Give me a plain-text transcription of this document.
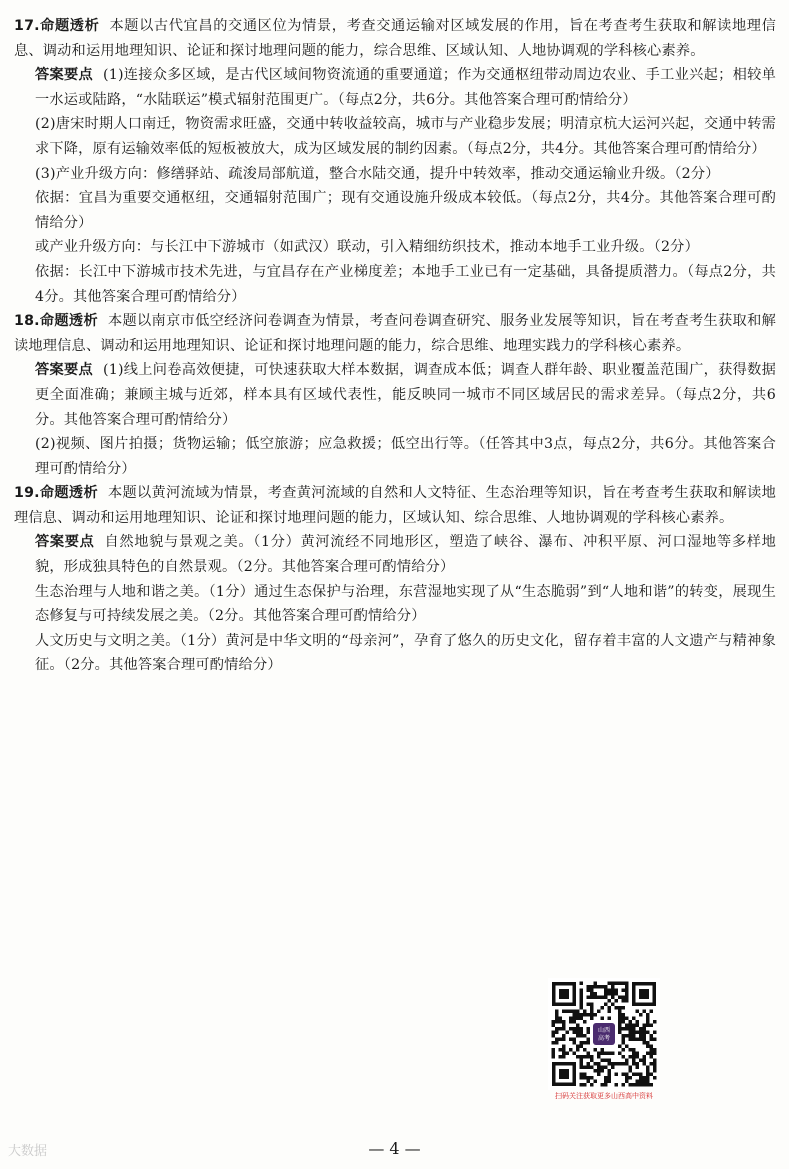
17.命题透析 本题以古代宜昌的交通区位为情景，考查交通运输对区域发展的作用，旨在考查考生获取和解读地理信息、调动和运用地理知识、论证和探讨地理问题的能力，综合思维、区域认知、人地协调观的学科核心素养。

答案要点 (1)连接众多区域，是古代区域间物资流通的重要通道；作为交通枢纽带动周边农业、手工业兴起；相较单一水运或陆路，“水陆联运”模式辐射范围更广。（每点2分，共6分。其他答案合理可酌情给分）

(2)唐宋时期人口南迁，物资需求旺盛，交通中转收益较高，城市与产业稳步发展；明清京杭大运河兴起，交通中转需求下降，原有运输效率低的短板被放大，成为区域发展的制约因素。（每点2分，共4分。其他答案合理可酌情给分）

(3)产业升级方向：修缮驿站、疏浚局部航道，整合水陆交通，提升中转效率，推动交通运输业升级。（2分）

依据：宜昌为重要交通枢纽，交通辐射范围广；现有交通设施升级成本较低。（每点2分，共4分。其他答案合理可酌情给分）

或产业升级方向：与长江中下游城市（如武汉）联动，引入精细纺织技术，推动本地手工业升级。（2分）

依据：长江中下游城市技术先进，与宜昌存在产业梯度差；本地手工业已有一定基础，具备提质潜力。（每点2分，共4分。其他答案合理可酌情给分）

18.命题透析 本题以南京市低空经济问卷调查为情景，考查问卷调查研究、服务业发展等知识，旨在考查考生获取和解读地理信息、调动和运用地理知识、论证和探讨地理问题的能力，综合思维、地理实践力的学科核心素养。

答案要点 (1)线上问卷高效便捷，可快速获取大样本数据，调查成本低；调查人群年龄、职业覆盖范围广，获得数据更全面准确；兼顾主城与近郊，样本具有区域代表性，能反映同一城市不同区域居民的需求差异。（每点2分，共6分。其他答案合理可酌情给分）

(2)视频、图片拍摄；货物运输；低空旅游；应急救援；低空出行等。（任答其中3点，每点2分，共6分。其他答案合理可酌情给分）

19.命题透析 本题以黄河流域为情景，考查黄河流域的自然和人文特征、生态治理等知识，旨在考查考生获取和解读地理信息、调动和运用地理知识、论证和探讨地理问题的能力，区域认知、综合思维、人地协调观的学科核心素养。

答案要点 自然地貌与景观之美。（1分）黄河流经不同地形区，塑造了峡谷、瀑布、冲积平原、河口湿地等多样地貌，形成独具特色的自然景观。（2分。其他答案合理可酌情给分）

生态治理与人地和谐之美。（1分）通过生态保护与治理，东营湿地实现了从“生态脆弱”到“人地和谐”的转变，展现生态修复与可持续发展之美。（2分。其他答案合理可酌情给分）

人文历史与文明之美。（1分）黄河是中华文明的“母亲河”，孕育了悠久的历史文化，留存着丰富的人文遗产与精神象征。（2分。其他答案合理可酌情给分）

山西
高考
扫码关注获取更多山西高中资料
— 4 —
大数据
